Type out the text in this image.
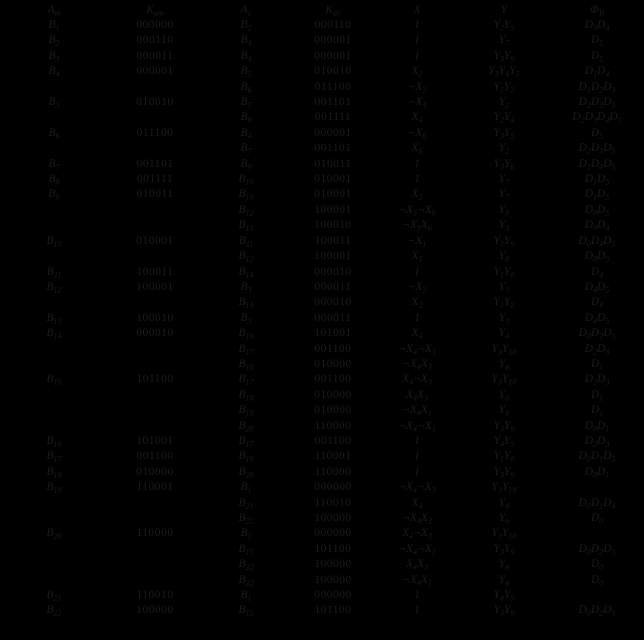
$А_m$	$К_{аm}$	$А_с$	$К_{ас}$	Х	Y	$Ф_В$
$B_1$	000000	$B_2$	000110	1	$Y_2Y_5$	$D_3D_4$
$B_2$	000110	$B_4$	000001	1	$Y_7$	$D_5$
$B_3$	000011	$B_4$	000001	1	$Y_3Y_9$	$D_5$
$B_4$	000001	$B_5$	010010	$X_2$	$Y_3Y_4Y_5$	$D_1D_4$
		$B_6$	011100	$\neg X_2$	$Y_1Y_2$	$D_1D_2D_3$
$B_5$	010010	$B_7$	001101	$\neg X_4$	$Y_2$	$D_2D_3D_5$
		$B_8$	001111	$X_4$	$Y_2Y_4$	$D_2D_3D_4D_5$
$B_6$	011100	$B_4$	000001	$\neg X_6$	$Y_3Y_5$	$D_5$
		$B_7$	001101	$X_6$	$Y_2$	$D_2D_3D_5$
$B_7$	001101	$B_9$	010011	1	$Y_3Y_6$	$D_1D_4D_5$
$B_8$	001111	$B_{10}$	010001	1	$Y_7$	$D_1D_5$
$B_9$	010011	$B_{10}$	010001	$X_5$	$Y_7$	$D_1D_5$
		$B_{12}$	100001	$\neg X_5\neg X_6$	$Y_8$	$D_0D_5$
		$B_{13}$	100010	$\neg X_5X_6$	$Y_3$	$D_0D_4$
$B_{10}$	010001	$B_{11}$	100011	$\neg X_1$	$Y_1Y_9$	$D_0D_4D_5$
		$B_{12}$	100001	$X_1$	$Y_8$	$D_0D_5$
$B_{11}$	100011	$B_{14}$	000010	1	$Y_1Y_8$	$D_4$
$B_{12}$	100001	$B_3$	000011	$\neg X_2$	$Y_3$	$D_4D_5$
		$B_{14}$	000010	$X_2$	$Y_1Y_8$	$D_4$
$B_{13}$	100010	$B_3$	000011	1	$Y_3$	$D_4D_5$
$B_{14}$	000010	$B_{16}$	101001	$X_4$	$Y_4$	$D_0D_2D_5$
		$B_{17}$	001100	$\neg X_4\neg X_3$	$Y_3Y_{10}$	$D_2D_3$
		$B_{18}$	010000	$\neg X_4X_3$	$Y_6$	$D_1$
$B_{15}$	101100	$B_{17}$	001100	$X_4\neg X_3$	$Y_3Y_{10}$	$D_2D_3$
		$B_{18}$	010000	$X_4X_3$	$Y_6$	$D_1$
		$B_{18}$	010000	$\neg X_4X_1$	$Y_6$	$D_1$
		$B_{20}$	110000	$\neg X_4\neg X_1$	$Y_3Y_9$	$D_0D_1$
$B_{16}$	101001	$B_{17}$	001100	1	$Y_4Y_5$	$D_2D_3$
$B_{17}$	001100	$B_{19}$	110001	1	$Y_1Y_8$	$D_0D_1D_5$
$B_{18}$	010000	$B_{20}$	110000	1	$Y_3Y_9$	$D_0D_1$
$B_{19}$	110001	$B_1$	000000	$\neg X_4\neg X_3$	$Y_3Y_{10}$	
		$B_{21}$	110010	$X_4$	$Y_4$	$D_0D_1D_4$
		$B_{22}$	100000	$\neg X_4X_3$	$Y_6$	$D_0$
$B_{20}$	110000	$B_1$	000000	$X_4\neg X_3$	$Y_3Y_{10}$	
		$B_{15}$	101100	$\neg X_4\neg X_1$	$Y_3Y_9$	$D_0D_2D_3$
		$B_{22}$	100000	$X_4X_3$	$Y_6$	$D_0$
		$B_{22}$	100000	$\neg X_4X_1$	$Y_6$	$D_0$
$B_{21}$	110010	$B_1$	000000	1	$Y_4Y_5$	
$B_{22}$	100000	$B_{15}$	101100	1	$Y_3Y_9$	$D_0D_2D_3$
